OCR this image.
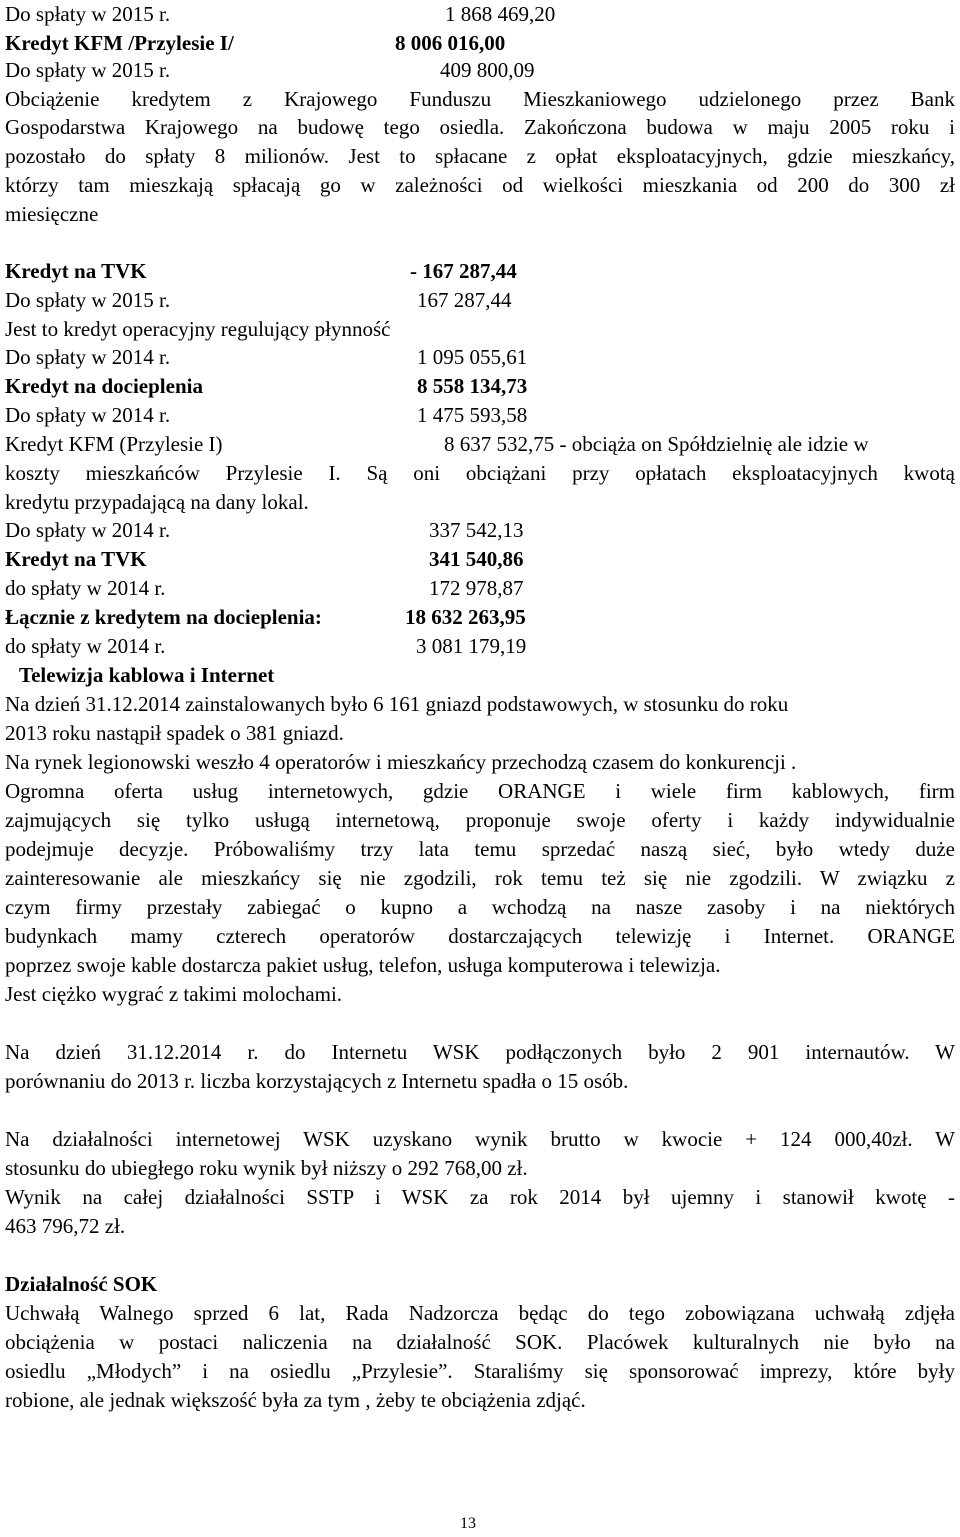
Do spłaty w 2015 r.	1 868 469,20
Kredyt KFM /Przylesie I/	8 006 016,00
Do spłaty w 2015 r.	409 800,09
Obciążenie kredytem z Krajowego Funduszu Mieszkaniowego udzielonego przez Bank
Gospodarstwa Krajowego na budowę tego osiedla. Zakończona budowa w maju 2005 roku i
pozostało do spłaty 8 milionów. Jest to spłacane z opłat eksploatacyjnych, gdzie mieszkańcy,
którzy tam mieszkają spłacają go w zależności od wielkości mieszkania od 200 do 300 zł
miesięczne
Kredyt na TVK	- 167 287,44
Do spłaty w 2015 r.	167 287,44
Jest to kredyt operacyjny regulujący płynność
Do spłaty w 2014 r.	1 095 055,61
Kredyt na docieplenia	8 558 134,73
Do spłaty w 2014 r.	1 475 593,58
Kredyt KFM (Przylesie I)	8 637 532,75 - obciąża on Spółdzielnię ale idzie w
koszty mieszkańców Przylesie I. Są oni obciążani przy opłatach eksploatacyjnych kwotą
kredytu przypadającą na dany lokal.
Do spłaty w 2014 r.	337 542,13
Kredyt na TVK	341 540,86
do spłaty w 2014 r.	172 978,87
Łącznie z kredytem na docieplenia:	18 632 263,95
do spłaty w 2014 r.	3 081 179,19
Telewizja kablowa i Internet
Na dzień 31.12.2014 zainstalowanych było 6 161 gniazd podstawowych, w stosunku do roku
2013 roku nastąpił spadek o 381 gniazd.
Na rynek legionowski weszło 4 operatorów i mieszkańcy przechodzą czasem do konkurencji .
Ogromna oferta usług internetowych, gdzie ORANGE i wiele firm kablowych, firm
zajmujących się tylko usługą internetową, proponuje swoje oferty i każdy indywidualnie
podejmuje decyzje. Próbowaliśmy trzy lata temu sprzedać naszą sieć, było wtedy duże
zainteresowanie ale mieszkańcy się nie zgodzili, rok temu też się nie zgodzili. W związku z
czym firmy przestały zabiegać o kupno a wchodzą na nasze zasoby i na niektórych
budynkach mamy czterech operatorów dostarczających telewizję i Internet. ORANGE
poprzez swoje kable dostarcza pakiet usług, telefon, usługa komputerowa i telewizja.
Jest ciężko wygrać z takimi molochami.
Na dzień 31.12.2014 r. do Internetu WSK podłączonych było 2 901 internautów. W
porównaniu do 2013 r. liczba korzystających z Internetu spadła o 15 osób.
Na działalności internetowej WSK uzyskano wynik brutto w kwocie + 124 000,40zł. W
stosunku do ubiegłego roku wynik był niższy o 292 768,00 zł.
Wynik na całej działalności SSTP i WSK za rok 2014 był ujemny i stanowił kwotę -
463 796,72 zł.
Działalność SOK
Uchwałą Walnego sprzed 6 lat, Rada Nadzorcza będąc do tego zobowiązana uchwałą zdjęła
obciążenia w postaci naliczenia na działalność SOK. Placówek kulturalnych nie było na
osiedlu „Młodych” i na osiedlu „Przylesie”. Staraliśmy się sponsorować imprezy, które były
robione, ale jednak większość była za tym , żeby te obciążenia zdjąć.
13
